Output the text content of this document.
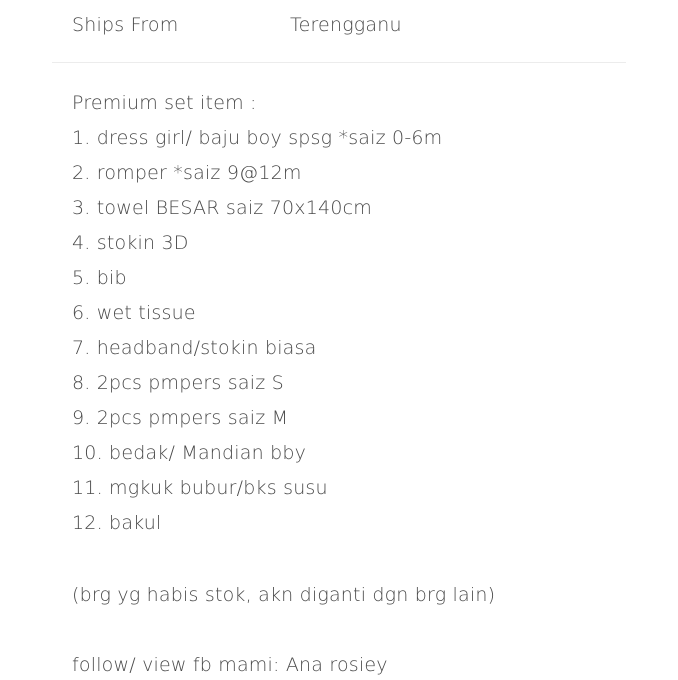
Ships From	Terengganu
Premium set item :
1. dress girl/ baju boy spsg *saiz 0-6m
2. romper *saiz 9@12m
3. towel BESAR saiz 70x140cm
4. stokin 3D
5. bib
6. wet tissue
7. headband/stokin biasa
8. 2pcs pmpers saiz S
9. 2pcs pmpers saiz M
10. bedak/ Mandian bby
11. mgkuk bubur/bks susu
12. bakul
(brg yg habis stok, akn diganti dgn brg lain)
follow/ view fb mami: Ana rosiey
